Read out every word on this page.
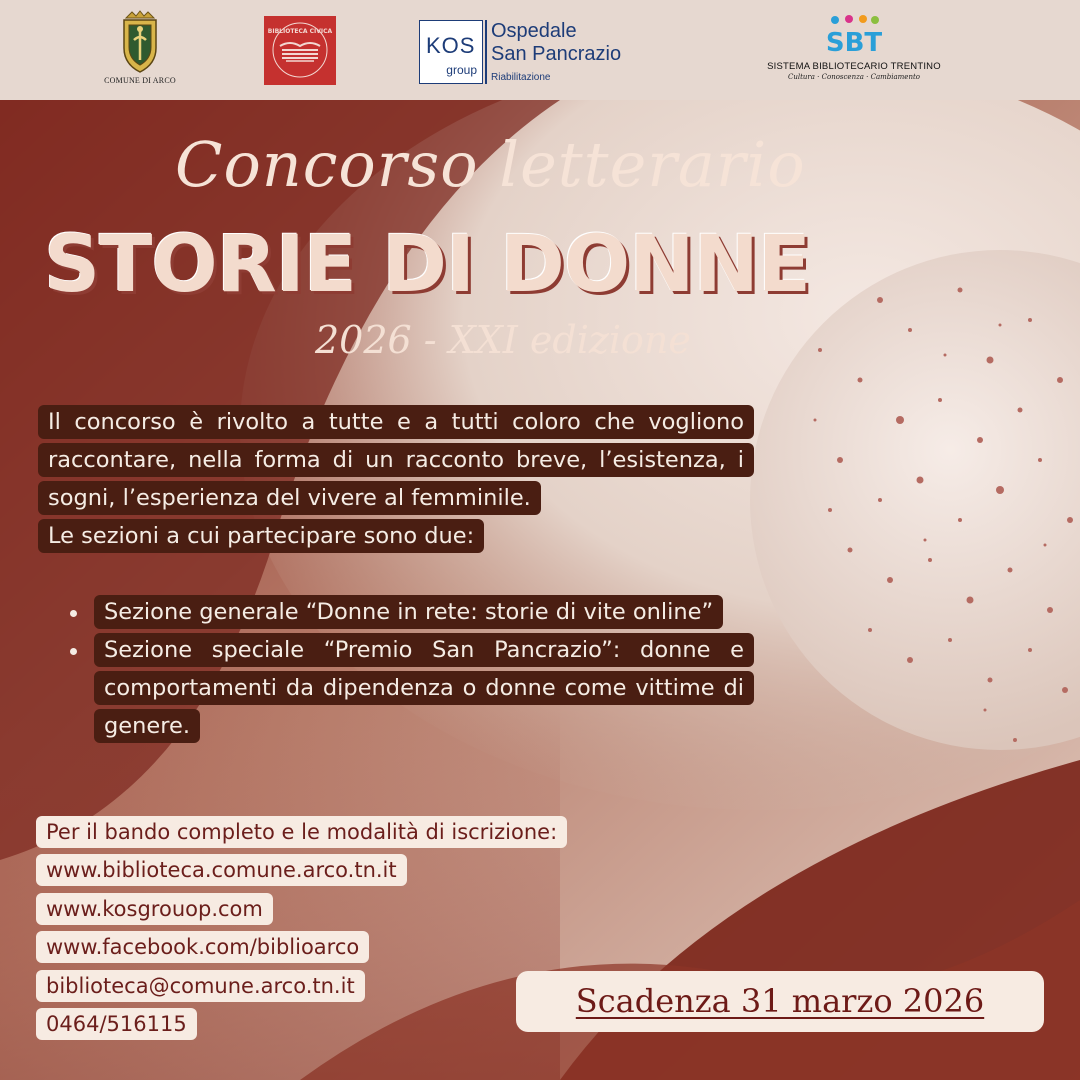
COMUNE DI ARCO
BIBLIOTECA CIVICA
KOS
group
Ospedale
San Pancrazio
Riabilitazione
SBT
SISTEMA BIBLIOTECARIO TRENTINO
Cultura · Conoscenza · Cambiamento
Concorso letterario
STORIE DI DONNE
2026 - XXI edizione

Il concorso è rivolto a tutte e a tutti coloro che vogliono raccontare, nella forma di un racconto breve, l’esistenza, i sogni, l’esperienza del vivere al femminile.

Le sezioni a cui partecipare sono due:

Sezione generale “Donne in rete: storie di vite online”
Sezione speciale “Premio San Pancrazio”: donne e comportamenti da dipendenza o donne come vittime di genere.
Per il bando completo e le modalità di iscrizione:
www.biblioteca.comune.arco.tn.it
www.kosgrouop.com
www.facebook.com/biblioarco
biblioteca@comune.arco.tn.it
0464/516115
Scadenza 31 marzo 2026
